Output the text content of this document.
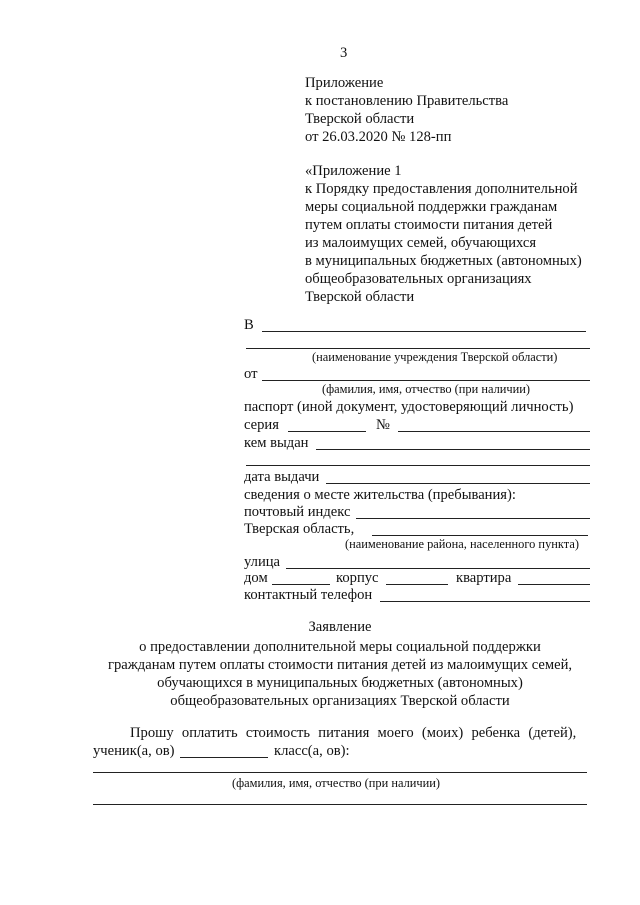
3
Приложение
к постановлению Правительства
Тверской области
от 26.03.2020 № 128-пп
«Приложение 1
к Порядку предоставления дополнительной
меры социальной поддержки гражданам
путем оплаты стоимости питания детей
из малоимущих семей, обучающихся
в муниципальных бюджетных (автономных)
общеобразовательных организациях
Тверской области
В
(наименование учреждения Тверской области)
от
(фамилия, имя, отчество (при наличии)
паспорт (иной документ, удостоверяющий личность)
серия	№
кем выдан
дата выдачи
сведения о месте жительства (пребывания):
почтовый индекс
Тверская область,
(наименование района, населенного пункта)
улица
дом	корпус	квартира
контактный телефон
Заявление
о предоставлении дополнительной меры социальной поддержки
гражданам путем оплаты стоимости питания детей из малоимущих семей,
обучающихся в муниципальных бюджетных (автономных)
общеобразовательных организациях Тверской области
Прошу оплатить стоимость питания моего (моих) ребенка (детей),
ученик(а, ов)	класс(а, ов):
(фамилия, имя, отчество (при наличии)
